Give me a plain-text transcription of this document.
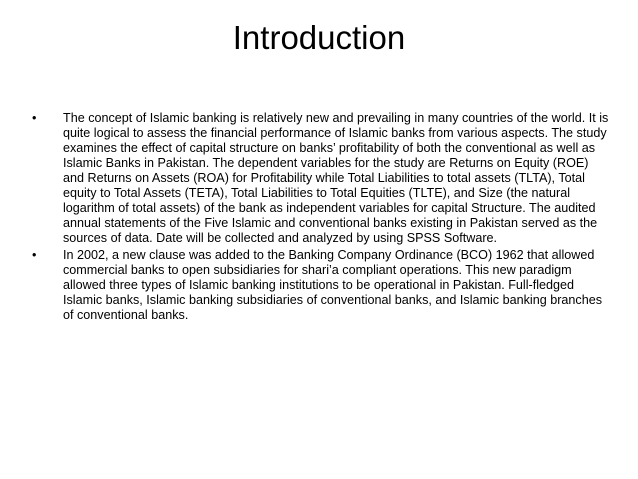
Introduction
•	The concept of Islamic banking is relatively new and prevailing in many countries of the world. It is quite logical to assess the financial performance of Islamic banks from various aspects. The study examines the effect of capital structure on banks’ profitability of both the conventional as well as Islamic Banks in Pakistan. The dependent variables for the study are Returns on Equity (ROE) and Returns on Assets (ROA) for Profitability while Total Liabilities to total assets (TLTA), Total equity to Total Assets (TETA), Total Liabilities to Total Equities (TLTE), and Size (the natural logarithm of total assets) of the bank as independent variables for capital Structure. The audited annual statements of the Five Islamic and conventional banks existing in Pakistan served as the sources of data. Date will be collected and analyzed by using SPSS Software.
•	In 2002, a new clause was added to the Banking Company Ordinance (BCO) 1962 that allowed commercial banks to open subsidiaries for shari’a compliant operations. This new paradigm allowed three types of Islamic banking institutions to be operational in Pakistan. Full-fledged Islamic banks, Islamic banking subsidiaries of conventional banks, and Islamic banking branches of conventional banks.
